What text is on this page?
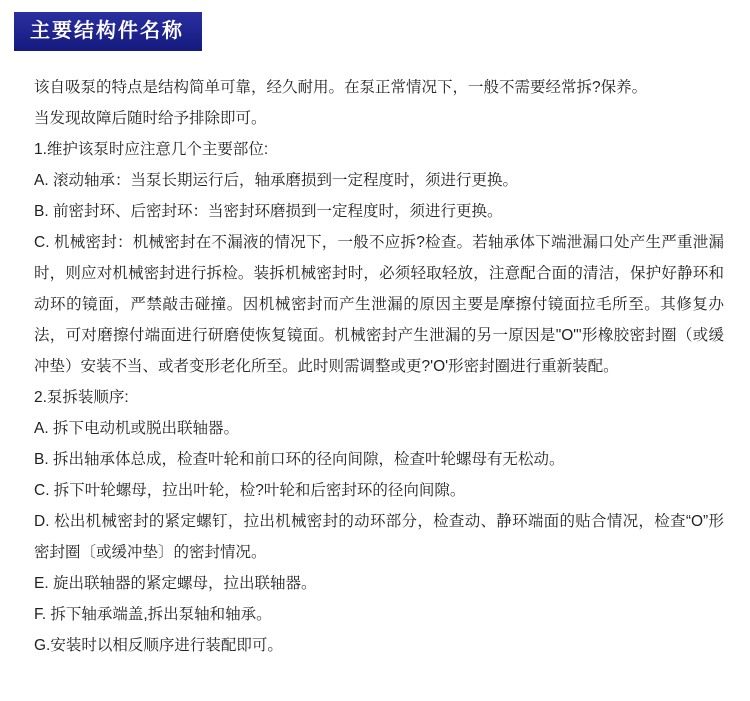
主要结构件名称

该自吸泵的特点是结构简单可靠，经久耐用。在泵正常情况下，一般不需要经常拆?保养。

当发现故障后随时给予排除即可。

1.维护该泵时应注意几个主要部位:

A. 滚动轴承：当泵长期运行后，轴承磨损到一定程度时，须进行更换。

B. 前密封环、后密封环：当密封环磨损到一定程度时，须进行更换。

C. 机械密封：机械密封在不漏液的情况下，一般不应拆?检查。若轴承体下端泄漏口处产生严重泄漏时，则应对机械密封进行拆检。装拆机械密封时，必须轻取轻放，注意配合面的清洁，保护好静环和动环的镜面，严禁敲击碰撞。因机械密封而产生泄漏的原因主要是摩擦付镜面拉毛所至。其修复办法，可对磨擦付端面进行研磨使恢复镜面。机械密封产生泄漏的另一原因是"O"'形橡胶密封圈（或缓冲垫）安装不当、或者变形老化所至。此时则需调整或更?'O'形密封圈进行重新装配。

2.泵拆装顺序:

A. 拆下电动机或脱出联轴器。

B. 拆出轴承体总成，检查叶轮和前口环的径向间隙，检查叶轮螺母有无松动。

C. 拆下叶轮螺母，拉出叶轮，检?叶轮和后密封环的径向间隙。

D. 松出机械密封的紧定螺钉，拉出机械密封的动环部分，检查动、静环端面的贴合情况，检查“O”形密封圈〔或缓冲垫〕的密封情况。

E. 旋出联轴器的紧定螺母，拉出联轴器。

F. 拆下轴承端盖,拆出泵轴和轴承。

G.安装时以相反顺序进行装配即可。
